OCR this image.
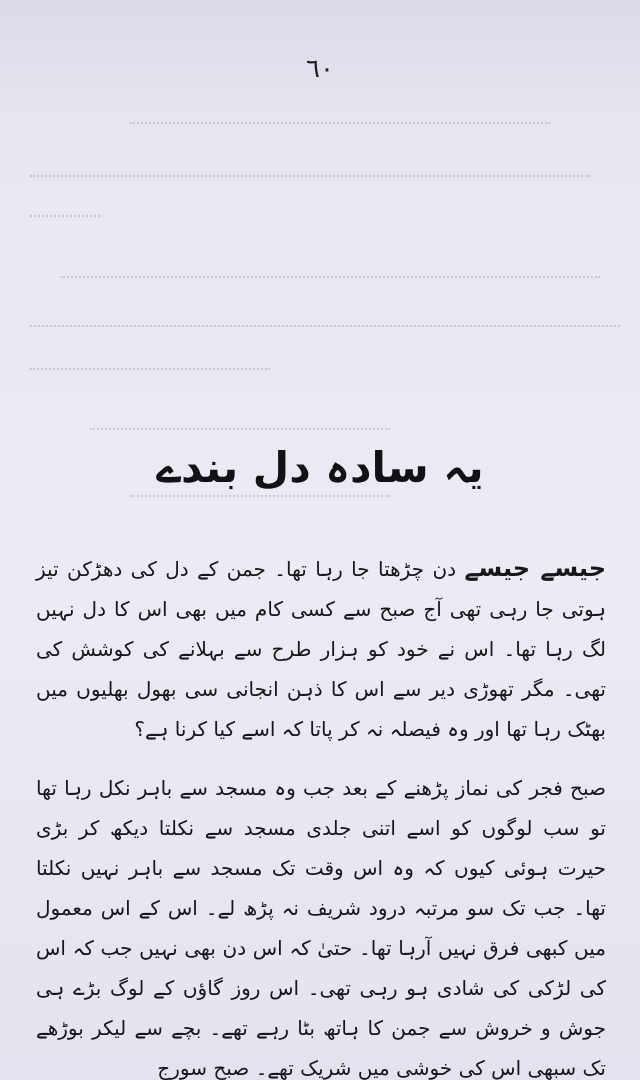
٦٠
یہ سادہ دل بندے

جیسے جیسے دن چڑھتا جا رہا تھا۔ جمن کے دل کی دھڑکن تیز ہوتی جا رہی تھی آج صبح سے کسی کام میں بھی اس کا دل نہیں لگ رہا تھا۔ اس نے خود کو ہزار طرح سے بہلانے کی کوشش کی تھی۔ مگر تھوڑی دیر سے اس کا ذہن انجانی سی بھول بھلیوں میں بھٹک رہا تھا اور وہ فیصلہ نہ کر پاتا کہ اسے کیا کرنا ہے؟

صبح فجر کی نماز پڑھنے کے بعد جب وہ مسجد سے باہر نکل رہا تھا تو سب لوگوں کو اسے اتنی جلدی مسجد سے نکلتا دیکھ کر بڑی حیرت ہوئی کیوں کہ وہ اس وقت تک مسجد سے باہر نہیں نکلتا تھا۔ جب تک سو مرتبہ درود شریف نہ پڑھ لے۔ اس کے اس معمول میں کبھی فرق نہیں آرہا تھا۔ حتیٰ کہ اس دن بھی نہیں جب کہ اس کی لڑکی کی شادی ہو رہی تھی۔ اس روز گاؤں کے لوگ بڑے ہی جوش و خروش سے جمن کا ہاتھ بٹا رہے تھے۔ بچے سے لیکر بوڑھے تک سبھی اس کی خوشی میں شریک تھے۔ صبح سورج
